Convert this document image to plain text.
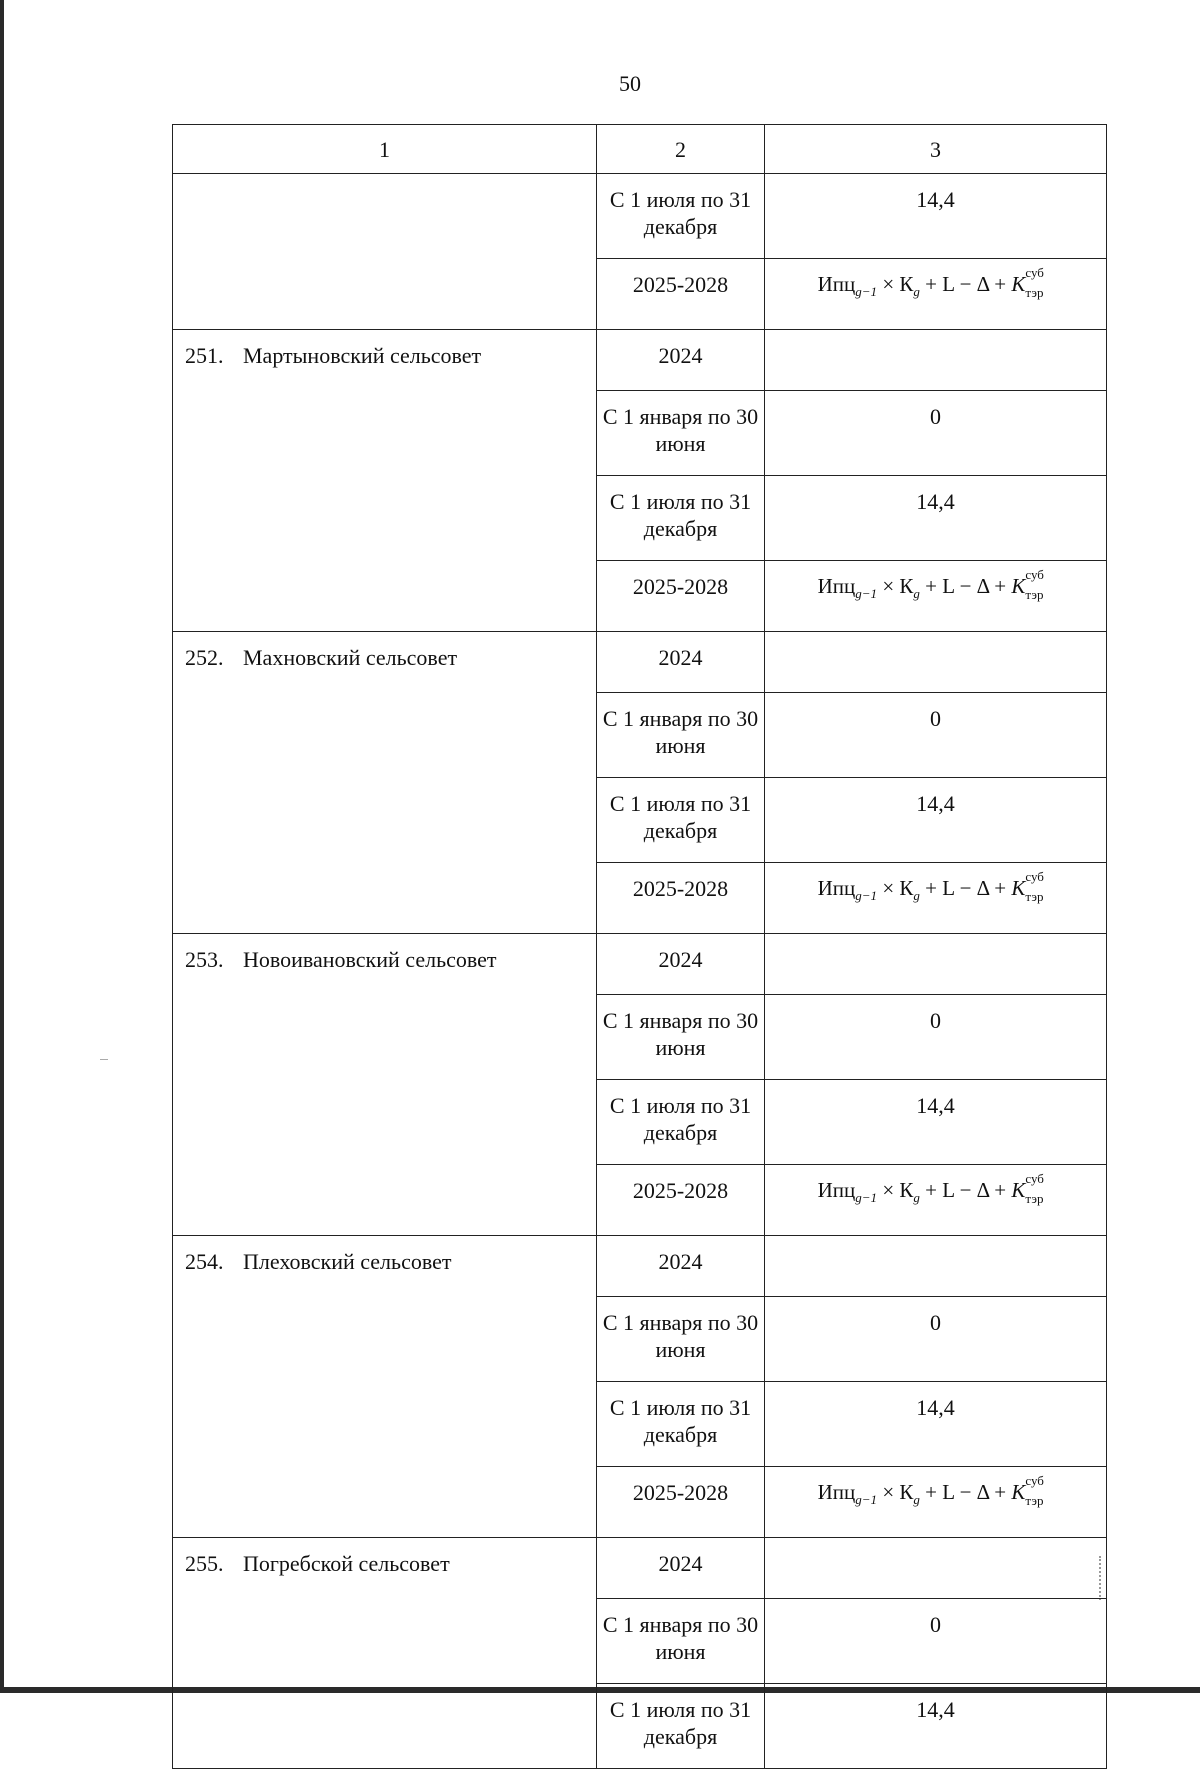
50
1	2	3
	С 1 июля по 31 декабря	14,4
	2025-2028	$Ипц_{g-1} \times К_g + L - \Delta + K$ суб
тэр

251. Мартыновский сельсовет	2024	
	С 1 января по 30 июня	0
	С 1 июля по 31 декабря	14,4
	2025-2028	$Ипц_{g-1} \times К_g + L - \Delta + K$ суб
тэр

252. Махновский сельсовет	2024	
	С 1 января по 30 июня	0
	С 1 июля по 31 декабря	14,4
	2025-2028	$Ипц_{g-1} \times К_g + L - \Delta + K$ суб
тэр

253. Новоивановский сельсовет	2024	
	С 1 января по 30 июня	0
	С 1 июля по 31 декабря	14,4
	2025-2028	$Ипц_{g-1} \times К_g + L - \Delta + K$ суб
тэр

254. Плеховский сельсовет	2024	
	С 1 января по 30 июня	0
	С 1 июля по 31 декабря	14,4
	2025-2028	$Ипц_{g-1} \times К_g + L - \Delta + K$ суб
тэр

255. Погребской сельсовет	2024	
	С 1 января по 30 июня	0
	С 1 июля по 31 декабря	14,4
